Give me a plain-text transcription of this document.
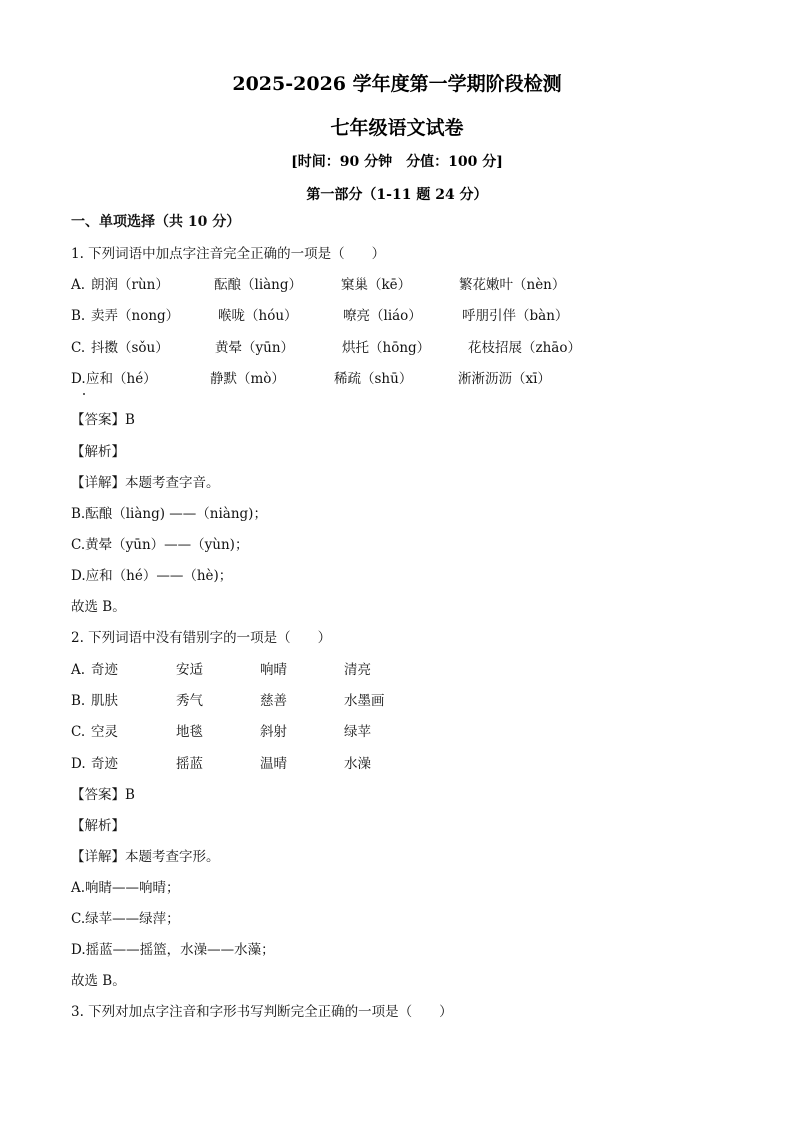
2025-2026 学年度第一学期阶段检测
七年级语文试卷
[时间：90 分钟　分值：100 分]
第一部分（1-11 题 24 分）
一、单项选择（共 10 分）
1. 下列词语中加点字注音完全正确的一项是（　　）
A. 朗润（rùn）	酝酿（liàng）	窠巢（kē）	繁花嫩叶（nèn）
B. 卖弄（nong）	喉咙（hóu）	嘹亮（liáo）	呼朋引伴（bàn）
C. 抖擞（sǒu）	黄晕（yūn）	烘托（hōng）	花枝招展（zhāo）
D. 应和（hé）	静默（mò）	稀疏（shū）	淅淅沥沥（xī）
【答案】B
【解析】
【详解】本题考查字音。
B.酝酿（liàng) ——（niàng)；
C.黄晕（yūn）——（yùn)；
D.应和（hé）——（hè)；
故选 B。
2. 下列词语中没有错别字的一项是（　　）
A. 奇迹	安适	响晴	清亮
B. 肌肤	秀气	慈善	水墨画
C. 空灵	地毯	斜射	绿苹
D. 奇迹	摇蓝	温晴	水澡
【答案】B
【解析】
【详解】本题考查字形。
A.响睛——响晴；
C.绿苹——绿萍；
D.摇蓝——摇篮，水澡——水藻；
故选 B。
3. 下列对加点字注音和字形书写判断完全正确的一项是（　　）
